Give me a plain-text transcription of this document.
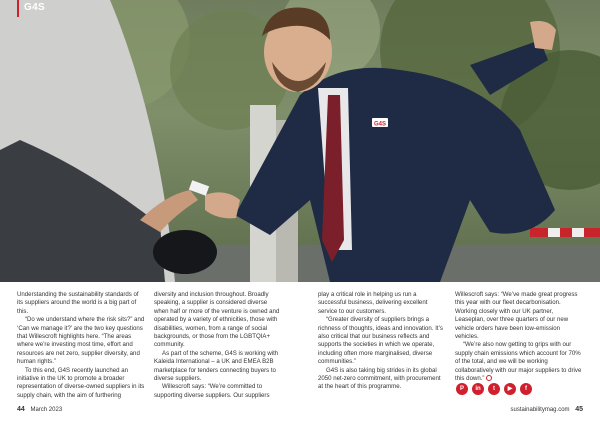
G4S
G4S

Understanding the sustainability standards of its suppliers around the world is a big part of this.

“Do we understand where the risk sits?” and ‘Can we manage it?’ are the two key questions that Willescroft highlights here. “The areas where we’re investing most time, effort and resources are net zero, supplier diversity, and human rights.”

To this end, G4S recently launched an initiative in the UK to promote a broader representation of diverse-owned suppliers in its supply chain, with the aim of furthering

diversity and inclusion throughout. Broadly speaking, a supplier is considered diverse when half or more of the venture is owned and operated by a variety of ethnicities, those with disabilities, women, from a range of social backgrounds, or those from the LGBTQIA+ community.

As part of the scheme, G4S is working with Kaleida International – a UK and EMEA B2B marketplace for tenders connecting buyers to diverse suppliers.

Willescroft says: “We’re committed to supporting diverse suppliers. Our suppliers

play a critical role in helping us run a successful business, delivering excellent service to our customers.

“Greater diversity of suppliers brings a richness of thoughts, ideas and innovation. It’s also critical that our business reflects and supports the societies in which we operate, including often more marginalised, diverse communities.”

G4S is also taking big strides in its global 2050 net-zero commitment, with procurement at the heart of this programme.

Willescroft says: “We’ve made great progress this year with our fleet decarbonisation. Working closely with our UK partner, Leaseplan, over three quarters of our new vehicle orders have been low-emission vehicles.

“We’re also now getting to grips with our supply chain emissions which account for 70% of the total, and we will be working collaboratively with our major suppliers to drive this down.”

P	in	t	▶	f
44 March 2023	sustainabilitymag.com 45
